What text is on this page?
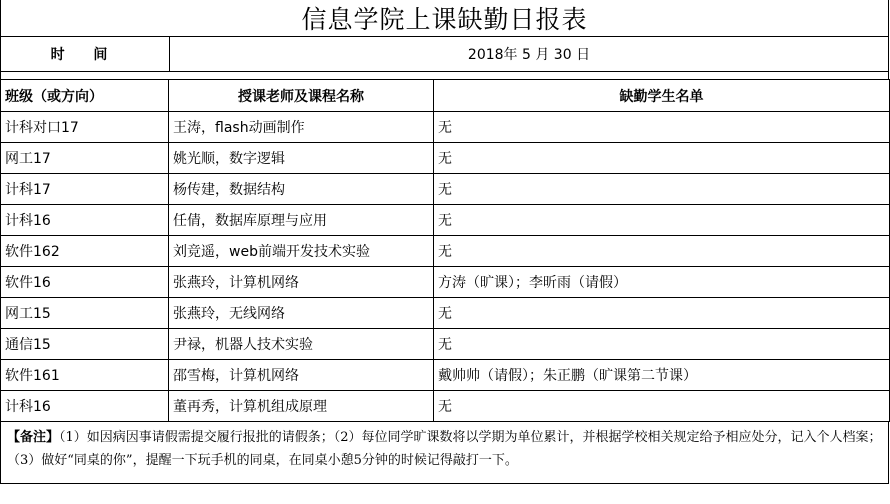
信息学院上课缺勤日报表
时 间	2018年 5 月 30 日
班级（或方向）	授课老师及课程名称	缺勤学生名单
计科对口17	王涛，flash动画制作	无
网工17	姚光顺，数字逻辑	无
计科17	杨传建，数据结构	无
计科16	任倩，数据库原理与应用	无
软件162	刘竞遥，web前端开发技术实验	无
软件16	张燕玲，计算机网络	方涛（旷课）；李昕雨（请假）
网工15	张燕玲，无线网络	无
通信15	尹禄，机器人技术实验	无
软件161	邵雪梅，计算机网络	戴帅帅（请假）；朱正鹏（旷课第二节课）
计科16	董再秀，计算机组成原理	无
【备注】（1）如因病因事请假需提交履行报批的请假条；（2）每位同学旷课数将以学期为单位累计，并根据学校相关规定给予相应处分，记入个人档案；（3）做好“同桌的你”，提醒一下玩手机的同桌，在同桌小憩5分钟的时候记得敲打一下。
